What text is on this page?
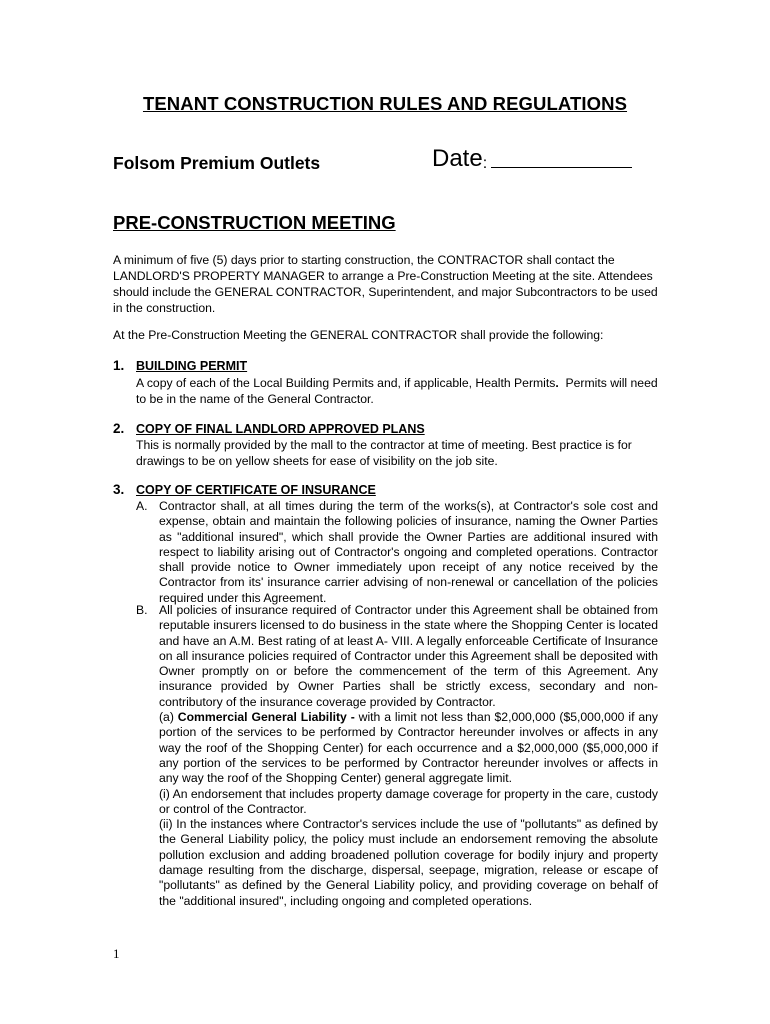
TENANT CONSTRUCTION RULES AND REGULATIONS
Folsom Premium Outlets	Date :
PRE-CONSTRUCTION MEETING
A minimum of five (5) days prior to starting construction, the CONTRACTOR shall contact the LANDLORD'S PROPERTY MANAGER to arrange a Pre-Construction Meeting at the site. Attendees should include the GENERAL CONTRACTOR, Superintendent, and major Subcontractors to be used in the construction.
At the Pre-Construction Meeting the GENERAL CONTRACTOR shall provide the following:
1. BUILDING PERMIT
A copy of each of the Local Building Permits and, if applicable, Health Permits.  Permits will need to be in the name of the General Contractor.
2. COPY OF FINAL LANDLORD APPROVED PLANS
This is normally provided by the mall to the contractor at time of meeting. Best practice is for drawings to be on yellow sheets for ease of visibility on the job site.
3. COPY OF CERTIFICATE OF INSURANCE
A. Contractor shall, at all times during the term of the works(s), at Contractor's sole cost and expense, obtain and maintain the following policies of insurance, naming the Owner Parties as "additional insured", which shall provide the Owner Parties are additional insured with respect to liability arising out of Contractor's ongoing and completed operations. Contractor shall provide notice to Owner immediately upon receipt of any notice received by the Contractor from its' insurance carrier advising of non-renewal or cancellation of the policies required under this Agreement.
B. All policies of insurance required of Contractor under this Agreement shall be obtained from reputable insurers licensed to do business in the state where the Shopping Center is located and have an A.M. Best rating of at least A- VIII. A legally enforceable Certificate of Insurance on all insurance policies required of Contractor under this Agreement shall be deposited with Owner promptly on or before the commencement of the term of this Agreement. Any insurance provided by Owner Parties shall be strictly excess, secondary and non-contributory of the insurance coverage provided by Contractor.

(a) Commercial General Liability - with a limit not less than $2,000,000 ($5,000,000 if any portion of the services to be performed by Contractor hereunder involves or affects in any way the roof of the Shopping Center) for each occurrence and a $2,000,000 ($5,000,000 if any portion of the services to be performed by Contractor hereunder involves or affects in any way the roof of the Shopping Center) general aggregate limit.

(i) An endorsement that includes property damage coverage for property in the care, custody or control of the Contractor.

(ii) In the instances where Contractor's services include the use of "pollutants" as defined by the General Liability policy, the policy must include an endorsement removing the absolute pollution exclusion and adding broadened pollution coverage for bodily injury and property damage resulting from the discharge, dispersal, seepage, migration, release or escape of "pollutants" as defined by the General Liability policy, and providing coverage on behalf of the "additional insured", including ongoing and completed operations.

1
